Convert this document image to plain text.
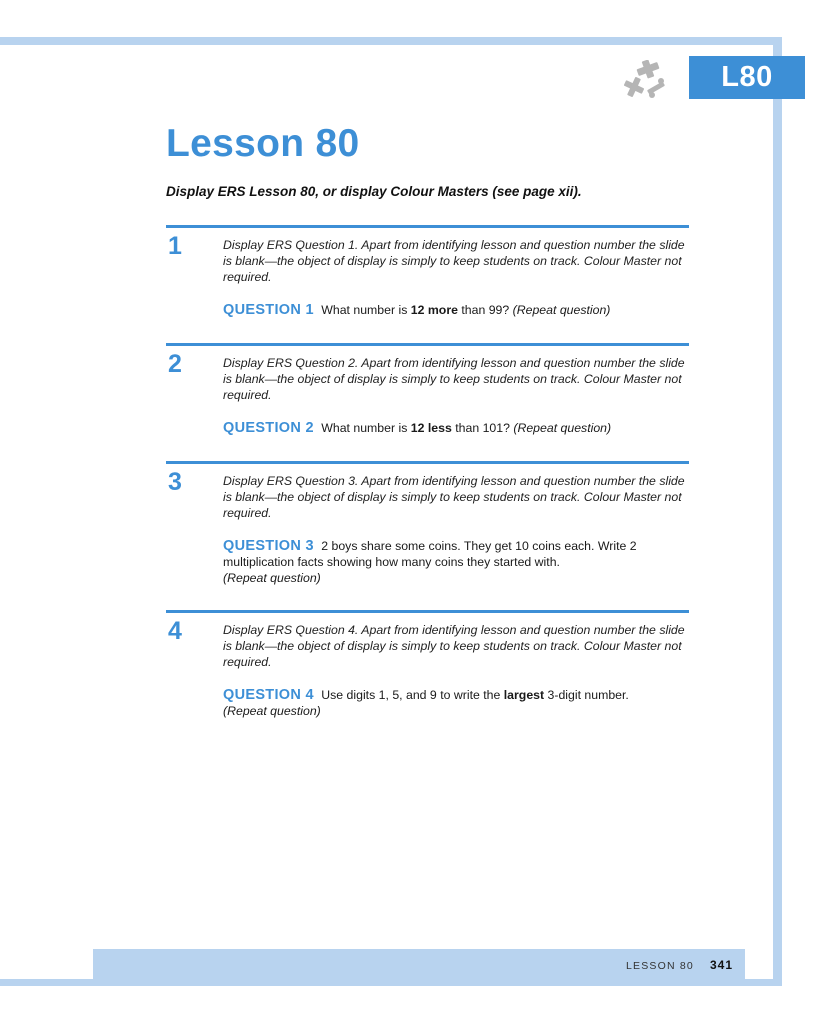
L80
Lesson 80
Display ERS Lesson 80, or display Colour Masters (see page xii).
1	Display ERS Question 1. Apart from identifying lesson and question number the slide is blank—the object of display is simply to keep students on track. Colour Master not required.
QUESTION 1 What number is 12 more than 99? (Repeat question)
2	Display ERS Question 2. Apart from identifying lesson and question number the slide is blank—the object of display is simply to keep students on track. Colour Master not required.
QUESTION 2 What number is 12 less than 101? (Repeat question)
3	Display ERS Question 3. Apart from identifying lesson and question number the slide is blank—the object of display is simply to keep students on track. Colour Master not required.
QUESTION 3 2 boys share some coins. They get 10 coins each. Write 2 multiplication facts showing how many coins they started with.
(Repeat question)
4	Display ERS Question 4. Apart from identifying lesson and question number the slide is blank—the object of display is simply to keep students on track. Colour Master not required.
QUESTION 4 Use digits 1, 5, and 9 to write the largest 3-digit number.
(Repeat question)
LESSON 80 341
